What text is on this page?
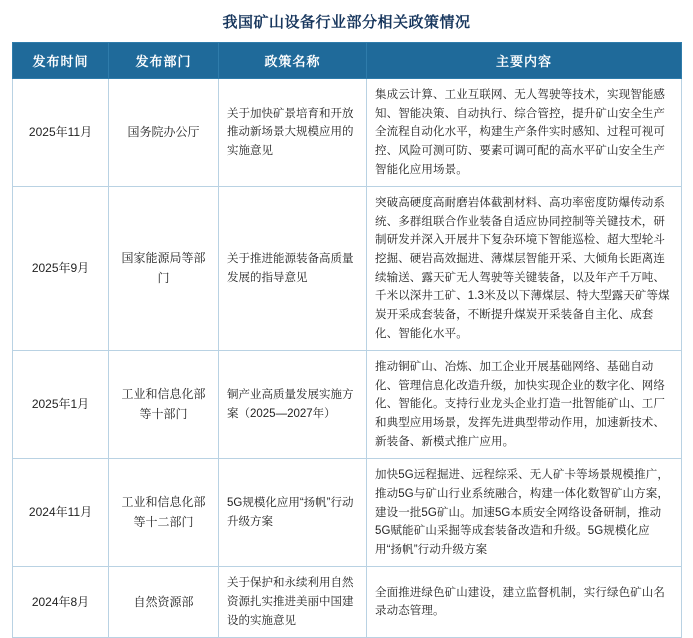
我国矿山设备行业部分相关政策情况
发布时间	发布部门	政策名称	主要内容
2025年11月	国务院办公厅	关于加快矿景培育和开放推动新场景大规模应用的实施意见	集成云计算、工业互联网、无人驾驶等技术，实现智能感知、智能决策、自动执行、综合管控，提升矿山安全生产全流程自动化水平，构建生产条件实时感知、过程可视可控、风险可测可防、要素可调可配的高水平矿山安全生产智能化应用场景。
2025年9月	国家能源局等部门	关于推进能源装备高质量发展的指导意见	突破高硬度高耐磨岩体截割材料、高功率密度防爆传动系统、多群组联合作业装备自适应协同控制等关键技术，研制研发并深入开展井下复杂环境下智能巡检、超大型轮斗挖掘、硬岩高效掘进、薄煤层智能开采、大倾角长距离连续输送、露天矿无人驾驶等关键装备，以及年产千万吨、千米以深井工矿、1.3米及以下薄煤层、特大型露天矿等煤炭开采成套装备，不断提升煤炭开采装备自主化、成套化、智能化水平。
2025年1月	工业和信息化部等十部门	铜产业高质量发展实施方案（2025—2027年）	推动铜矿山、冶炼、加工企业开展基础网络、基础自动化、管理信息化改造升级，加快实现企业的数字化、网络化、智能化。支持行业龙头企业打造一批智能矿山、工厂和典型应用场景，发挥先进典型带动作用，加速新技术、新装备、新模式推广应用。
2024年11月	工业和信息化部等十二部门	5G规模化应用“扬帆”行动升级方案	加快5G远程掘进、远程综采、无人矿卡等场景规模推广，推动5G与矿山行业系统融合，构建一体化数智矿山方案，建设一批5G矿山。加速5G本质安全网络设备研制，推动5G赋能矿山采掘等成套装备改造和升级。5G规模化应用“扬帆”行动升级方案
2024年8月	自然资源部	关于保护和永续利用自然资源扎实推进美丽中国建设的实施意见	全面推进绿色矿山建设，建立监督机制，实行绿色矿山名录动态管理。
